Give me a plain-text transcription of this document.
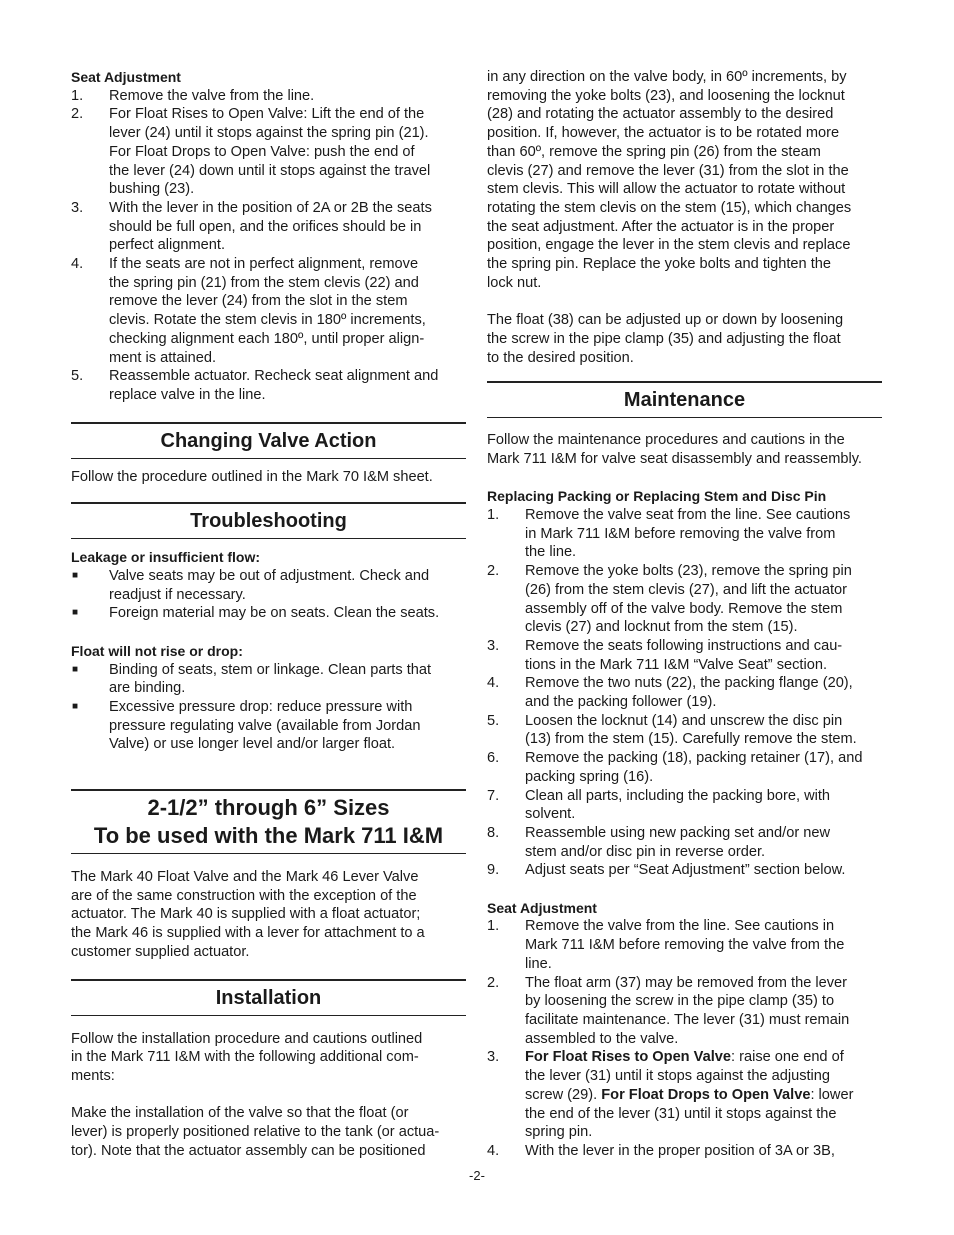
Seat Adjustment

1. Remove the valve from the line.
2. For Float Rises to Open Valve: Lift the end of the
lever (24) until it stops against the spring pin (21).
For Float Drops to Open Valve: push the end of
the lever (24) down until it stops against the travel
bushing (23).
3. With the lever in the position of 2A or 2B the seats
should be full open, and the orifices should be in
perfect alignment.
4. If the seats are not in perfect alignment, remove
the spring pin (21) from the stem clevis (22) and
remove the lever (24) from the slot in the stem
clevis. Rotate the stem clevis in 180º increments,
checking alignment each 180º, until proper align-
ment is attained.
5. Reassemble actuator. Recheck seat alignment and
replace valve in the line.
Changing Valve Action

Follow the procedure outlined in the Mark 70 I&M sheet.

Troubleshooting

Leakage or insufficient flow:

■ Valve seats may be out of adjustment. Check and
readjust if necessary.
■ Foreign material may be on seats. Clean the seats.

Float will not rise or drop:

■ Binding of seats, stem or linkage. Clean parts that
are binding.
■ Excessive pressure drop: reduce pressure with
pressure regulating valve (available from Jordan
Valve) or use longer level and/or larger float.
2-1/2” through 6” Sizes
To be used with the Mark 711 I&M
The Mark 40 Float Valve and the Mark 46 Lever Valve
are of the same construction with the exception of the
actuator. The Mark 40 is supplied with a float actuator;
the Mark 46 is supplied with a lever for attachment to a
customer supplied actuator.
Installation
Follow the installation procedure and cautions outlined
in the Mark 711 I&M with the following additional com-
ments:
Make the installation of the valve so that the float (or
lever) is properly positioned relative to the tank (or actua-
tor). Note that the actuator assembly can be positioned
in any direction on the valve body, in 60º increments, by
removing the yoke bolts (23), and loosening the locknut
(28) and rotating the actuator assembly to the desired
position. If, however, the actuator is to be rotated more
than 60º, remove the spring pin (26) from the steam
clevis (27) and remove the lever (31) from the slot in the
stem clevis. This will allow the actuator to rotate without
rotating the stem clevis on the stem (15), which changes
the seat adjustment. After the actuator is in the proper
position, engage the lever in the stem clevis and replace
the spring pin. Replace the yoke bolts and tighten the
lock nut.
The float (38) can be adjusted up or down by loosening
the screw in the pipe clamp (35) and adjusting the float
to the desired position.
Maintenance
Follow the maintenance procedures and cautions in the
Mark 711 I&M for valve seat disassembly and reassembly.

Replacing Packing or Replacing Stem and Disc Pin

1. Remove the valve seat from the line. See cautions
in Mark 711 I&M before removing the valve from
the line.
2. Remove the yoke bolts (23), remove the spring pin
(26) from the stem clevis (27), and lift the actuator
assembly off of the valve body. Remove the stem
clevis (27) and locknut from the stem (15).
3. Remove the seats following instructions and cau-
tions in the Mark 711 I&M “Valve Seat” section.
4. Remove the two nuts (22), the packing flange (20),
and the packing follower (19).
5. Loosen the locknut (14) and unscrew the disc pin
(13) from the stem (15). Carefully remove the stem.
6. Remove the packing (18), packing retainer (17), and
packing spring (16).
7. Clean all parts, including the packing bore, with
solvent.
8. Reassemble using new packing set and/or new
stem and/or disc pin in reverse order.
9. Adjust seats per “Seat Adjustment” section below.

Seat Adjustment

1. Remove the valve from the line. See cautions in
Mark 711 I&M before removing the valve from the
line.
2. The float arm (37) may be removed from the lever
by loosening the screw in the pipe clamp (35) to
facilitate maintenance. The lever (31) must remain
assembled to the valve.
3. For Float Rises to Open Valve: raise one end of
the lever (31) until it stops against the adjusting
screw (29). For Float Drops to Open Valve: lower
the end of the lever (31) until it stops against the
spring pin.
4. With the lever in the proper position of 3A or 3B,
-2-
